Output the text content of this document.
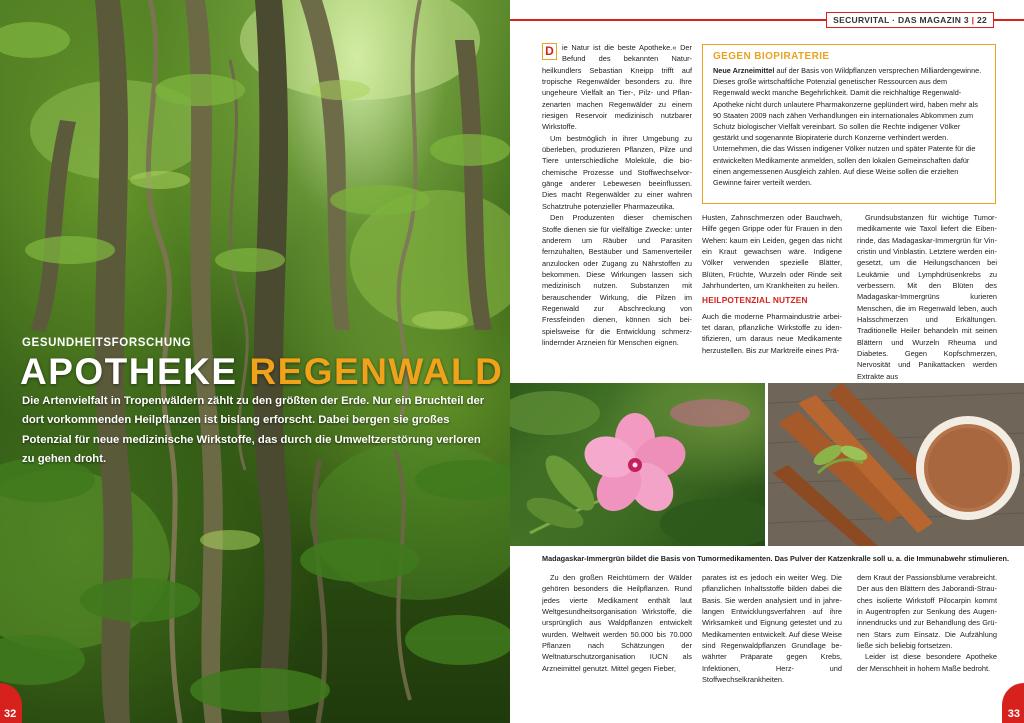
GESUNDHEITSFORSCHUNG
APOTHEKE REGENWALD
Die Artenvielfalt in Tropenwäldern zählt zu den größten der Erde. Nur ein Bruchteil der dort vorkommenden Heilpflanzen ist bislang erforscht. Dabei bergen sie großes Potenzial für neue medizinische Wirkstoffe, das durch die Umweltzerstörung verloren zu gehen droht.
32
SECURVITAL · DAS MAGAZIN 3 | 22

D	ie Natur ist die beste Apotheke.« Der Befund des bekannten Naturheilkundlers Sebastian Kneipp trifft auf tropische Regenwälder besonders zu. Ihre ungeheure Vielfalt an Tier-, Pilz- und Pflanzenarten machen Regenwälder zu einem riesigen Reservoir medizinisch nutzbarer Wirkstoffe.

Um bestmöglich in ihrer Umgebung zu überleben, produzieren Pflanzen, Pilze und Tiere unterschiedliche Moleküle, die biochemische Prozesse und Stoffwechselvorgänge anderer Lebewesen beeinflussen. Dies macht Regenwälder zu einer wahren Schatztruhe potenzieller Pharmazeutika.

Den Produzenten dieser chemischen Stoffe dienen sie für vielfältige Zwecke: unter anderem um Räuber und Parasiten fernzuhalten, Bestäuber und Samenverteiler anzulocken oder Zugang zu Nährstoffen zu bekommen. Diese Wirkungen lassen sich medizinisch nutzen. Substanzen mit berauschender Wirkung, die Pilzen im Regenwald zur Abschreckung von Fressfeinden dienen, können sich beispielsweise für die Entwicklung schmerzlindernder Arzneien für Menschen eignen.

GEGEN BIOPIRATERIE
Neue Arzneimittel auf der Basis von Wildpflanzen versprechen Milliardengewinne. Dieses große wirtschaftliche Potenzial genetischer Ressourcen aus dem Regenwald weckt manche Begehrlichkeit. Damit die reichhaltige Regenwald-Apotheke nicht durch unlautere Pharmakonzerne geplündert wird, haben mehr als 90 Staaten 2009 nach zähen Verhandlungen ein internationales Abkommen zum Schutz biologischer Vielfalt vereinbart. So sollen die Rechte indigener Völker gestärkt und sogenannte Biopiraterie durch Konzerne verhindert werden. Unternehmen, die das Wissen indigener Völker nutzen und später Patente für die entwickelten Medikamente anmelden, sollen den lokalen Gemeinschaften dafür einen angemessenen Ausgleich zahlen. Auf diese Weise sollen die erzielten Gewinne fairer verteilt werden.

Husten, Zahnschmerzen oder Bauchweh, Hilfe gegen Grippe oder für Frauen in den Wehen: kaum ein Leiden, gegen das nicht ein Kraut gewachsen wäre. Indigene Völker verwenden spezielle Blätter, Blüten, Früchte, Wurzeln oder Rinde seit Jahrhunderten, um Krankheiten zu heilen.

HEILPOTENZIAL NUTZEN

Auch die moderne Pharmaindustrie arbeitet daran, pflanzliche Wirkstoffe zu identifizieren, um daraus neue Medikamente herzustellen. Bis zur Marktreife eines Prä-

Grundsubstanzen für wichtige Tumormedikamente wie Taxol liefert die Eibenrinde, das Madagaskar-Immergrün für Vincristin und Vinblastin. Letztere werden eingesetzt, um die Heilungschancen bei Leukämie und Lymphdrüsenkrebs zu verbessern. Mit den Blüten des Madagaskar-Immergrüns kurieren Menschen, die im Regenwald leben, auch Halsschmerzen und Erkältungen. Traditionelle Heiler behandeln mit seinen Blättern und Wurzeln Rheuma und Diabetes. Gegen Kopfschmerzen, Nervosität und Panikattacken werden Extrakte aus

Madagaskar-Immergrün bildet die Basis von Tumormedikamenten. Das Pulver der Katzenkralle soll u. a. die Immunabwehr stimulieren.

Zu den großen Reichtümern der Wälder gehören besonders die Heilpflanzen. Rund jedes vierte Medikament enthält laut Weltgesundheitsorganisation Wirkstoffe, die ursprünglich aus Waldpflanzen entwickelt wurden. Weltweit werden 50.000 bis 70.000 Pflanzen nach Schätzungen der Weltnaturschutzorganisation IUCN als Arzneimittel genutzt. Mittel gegen Fieber,

parates ist es jedoch ein weiter Weg. Die pflanzlichen Inhaltsstoffe bilden dabei die Basis. Sie werden analysiert und in jahrelangen Entwicklungsverfahren auf ihre Wirksamkeit und Eignung getestet und zu Medikamenten entwickelt. Auf diese Weise sind Regenwaldpflanzen Grundlage bewährter Präparate gegen Krebs, Infektionen, Herz- und Stoffwechselkrankheiten.

dem Kraut der Passionsblume verabreicht. Der aus den Blättern des Jaborandi-Strauches isolierte Wirkstoff Pilocarpin kommt in Augentropfen zur Senkung des Augeninnendrucks und zur Behandlung des Grünen Stars zum Einsatz. Die Aufzählung ließe sich beliebig fortsetzen.

Leider ist diese besondere Apotheke der Menschheit in hohem Maße bedroht.

33
